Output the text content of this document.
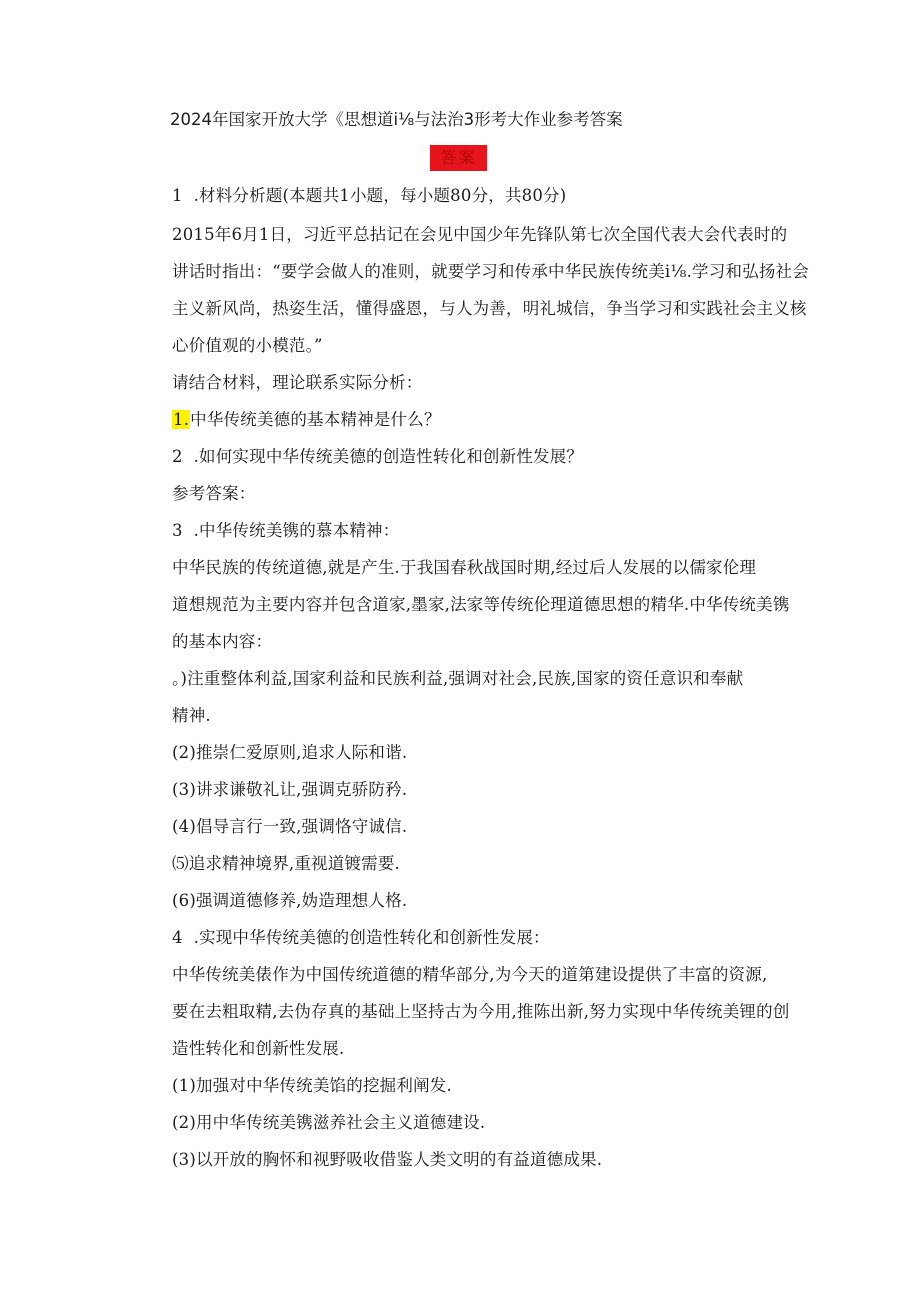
2024年国家开放大学《思想道i⅛与法治3形考大作业参考答案
答案
1  .材料分析题(本题共1小题，每小题80分，共80分)
2015年6月1日，习近平总拈记在会见中国少年先锋队第七次全国代表大会代表时的
讲话时指出：“要学会做人的准则，就要学习和传承中华民族传统美i⅛.学习和弘扬社会
主义新风尚，热姿生活，懂得盛恩，与人为善，明礼城信，争当学习和实践社会主义核
心价值观的小模范。”
请结合材料，理论联系实际分析：
1.中华传统美德的基本精神是什么？
2  .如何实现中华传统美德的创造性转化和创新性发展？
参考答案：
3  .中华传统美镌的慕本精神：
中华民族的传统道德,就是产生.于我国春秋战国时期,经过后人发展的以儒家伦理
道想规范为主要内容并包含道家,墨家,法家等传统伦理道德思想的精华.中华传统美镌
的基本内容：
。)注重整体利益,国家利益和民族利益,强调对社会,民族,国家的资任意识和奉献
精神.
(2)推崇仁爱原则,追求人际和谐.
(3)讲求谦敬礼让,强调克骄防矜.
(4)倡导言行一致,强调恪守诚信.
⑸追求精神境界,重视道镀需要.
(6)强调道德修养,妫造理想人格.
4  .实现中华传统美德的创造性转化和创新性发展：
中华传统美俵作为中国传统道德的精华部分,为今天的道第建设提供了丰富的资源,
要在去粗取精,去伪存真的基础上坚持古为今用,推陈出新,努力实现中华传统美锂的创
造性转化和创新性发展.
(1)加强对中华传统美馅的挖掘利阐发.
(2)用中华传统美镌滋养社会主义道德建设.
(3)以开放的胸怀和视野吸收借鉴人类文明的有益道德成果.
